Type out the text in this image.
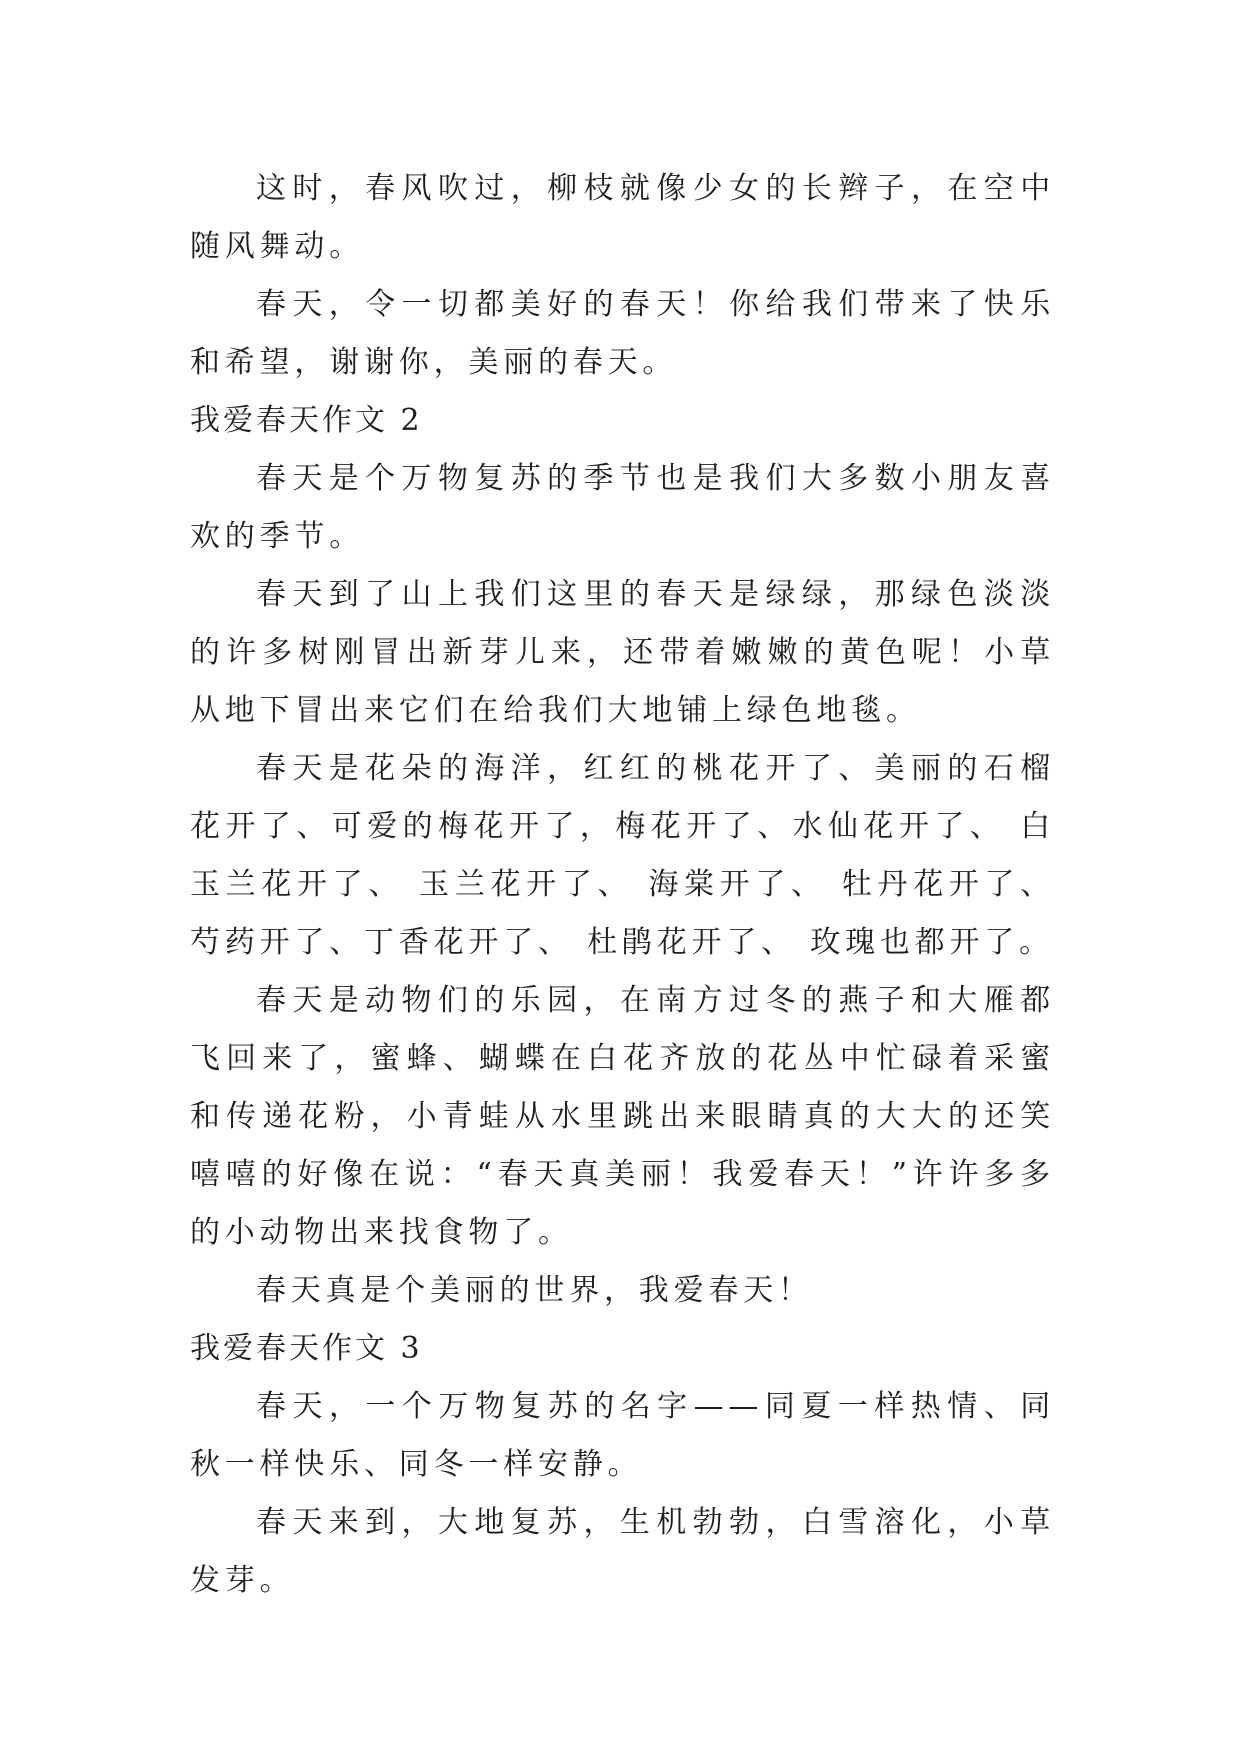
这时，春风吹过，柳枝就像少女的长辫子，在空中随风舞动。

春天，令一切都美好的春天！你给我们带来了快乐和希望，谢谢你，美丽的春天。

我爱春天作文 2

春天是个万物复苏的季节也是我们大多数小朋友喜欢的季节。

春天到了山上我们这里的春天是绿绿，那绿色淡淡的许多树刚冒出新芽儿来，还带着嫩嫩的黄色呢！小草从地下冒出来它们在给我们大地铺上绿色地毯。

春天是花朵的海洋，红红的桃花开了、美丽的石榴花开了、可爱的梅花开了，梅花开了、水仙花开了、 白玉兰花开了、 玉兰花开了、 海棠开了、 牡丹花开了、 芍药开了、丁香花开了、 杜鹃花开了、 玫瑰也都开了。

春天是动物们的乐园，在南方过冬的燕子和大雁都飞回来了，蜜蜂、蝴蝶在白花齐放的花丛中忙碌着采蜜和传递花粉，小青蛙从水里跳出来眼睛真的大大的还笑嘻嘻的好像在说：“春天真美丽！我爱春天！”许许多多的小动物出来找食物了。

春天真是个美丽的世界，我爱春天！

我爱春天作文 3

春天，一个万物复苏的名字——同夏一样热情、同秋一样快乐、同冬一样安静。

春天来到，大地复苏，生机勃勃，白雪溶化，小草发芽。
